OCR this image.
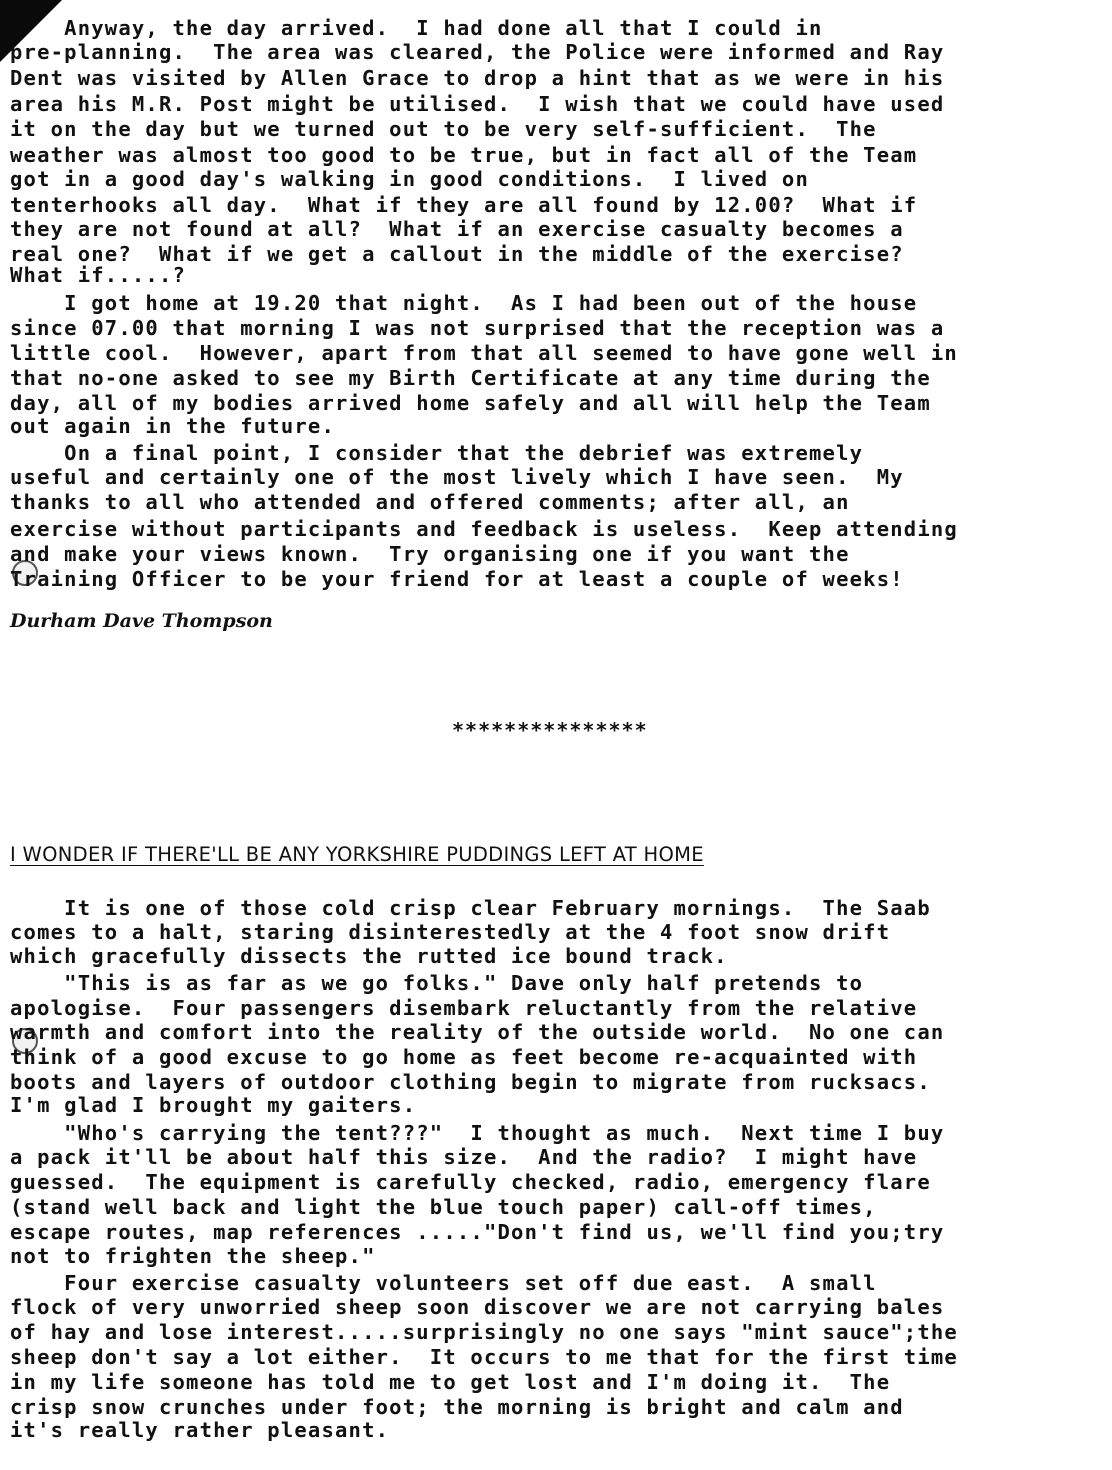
Anyway, the day arrived.  I had done all that I could in
pre-planning.  The area was cleared, the Police were informed and Ray
Dent was visited by Allen Grace to drop a hint that as we were in his
area his M.R. Post might be utilised.  I wish that we could have used
it on the day but we turned out to be very self-sufficient.  The
weather was almost too good to be true, but in fact all of the Team
got in a good day's walking in good conditions.  I lived on
tenterhooks all day.  What if they are all found by 12.00?  What if
they are not found at all?  What if an exercise casualty becomes a
real one?  What if we get a callout in the middle of the exercise?
What if.....?
I got home at 19.20 that night.  As I had been out of the house
since 07.00 that morning I was not surprised that the reception was a
little cool.  However, apart from that all seemed to have gone well in
that no-one asked to see my Birth Certificate at any time during the
day, all of my bodies arrived home safely and all will help the Team
out again in the future.
On a final point, I consider that the debrief was extremely
useful and certainly one of the most lively which I have seen.  My
thanks to all who attended and offered comments; after all, an
exercise without participants and feedback is useless.  Keep attending
and make your views known.  Try organising one if you want the
Training Officer to be your friend for at least a couple of weeks!
Durham Dave Thompson
***************
I WONDER IF THERE'LL BE ANY YORKSHIRE PUDDINGS LEFT AT HOME
It is one of those cold crisp clear February mornings.  The Saab
comes to a halt, staring disinterestedly at the 4 foot snow drift
which gracefully dissects the rutted ice bound track.
"This is as far as we go folks." Dave only half pretends to
apologise.  Four passengers disembark reluctantly from the relative
warmth and comfort into the reality of the outside world.  No one can
think of a good excuse to go home as feet become re-acquainted with
boots and layers of outdoor clothing begin to migrate from rucksacs.
I'm glad I brought my gaiters.
"Who's carrying the tent???"  I thought as much.  Next time I buy
a pack it'll be about half this size.  And the radio?  I might have
guessed.  The equipment is carefully checked, radio, emergency flare
(stand well back and light the blue touch paper) call-off times,
escape routes, map references ....."Don't find us, we'll find you;try
not to frighten the sheep."
Four exercise casualty volunteers set off due east.  A small
flock of very unworried sheep soon discover we are not carrying bales
of hay and lose interest.....surprisingly no one says "mint sauce";the
sheep don't say a lot either.  It occurs to me that for the first time
in my life someone has told me to get lost and I'm doing it.  The
crisp snow crunches under foot; the morning is bright and calm and
it's really rather pleasant.
